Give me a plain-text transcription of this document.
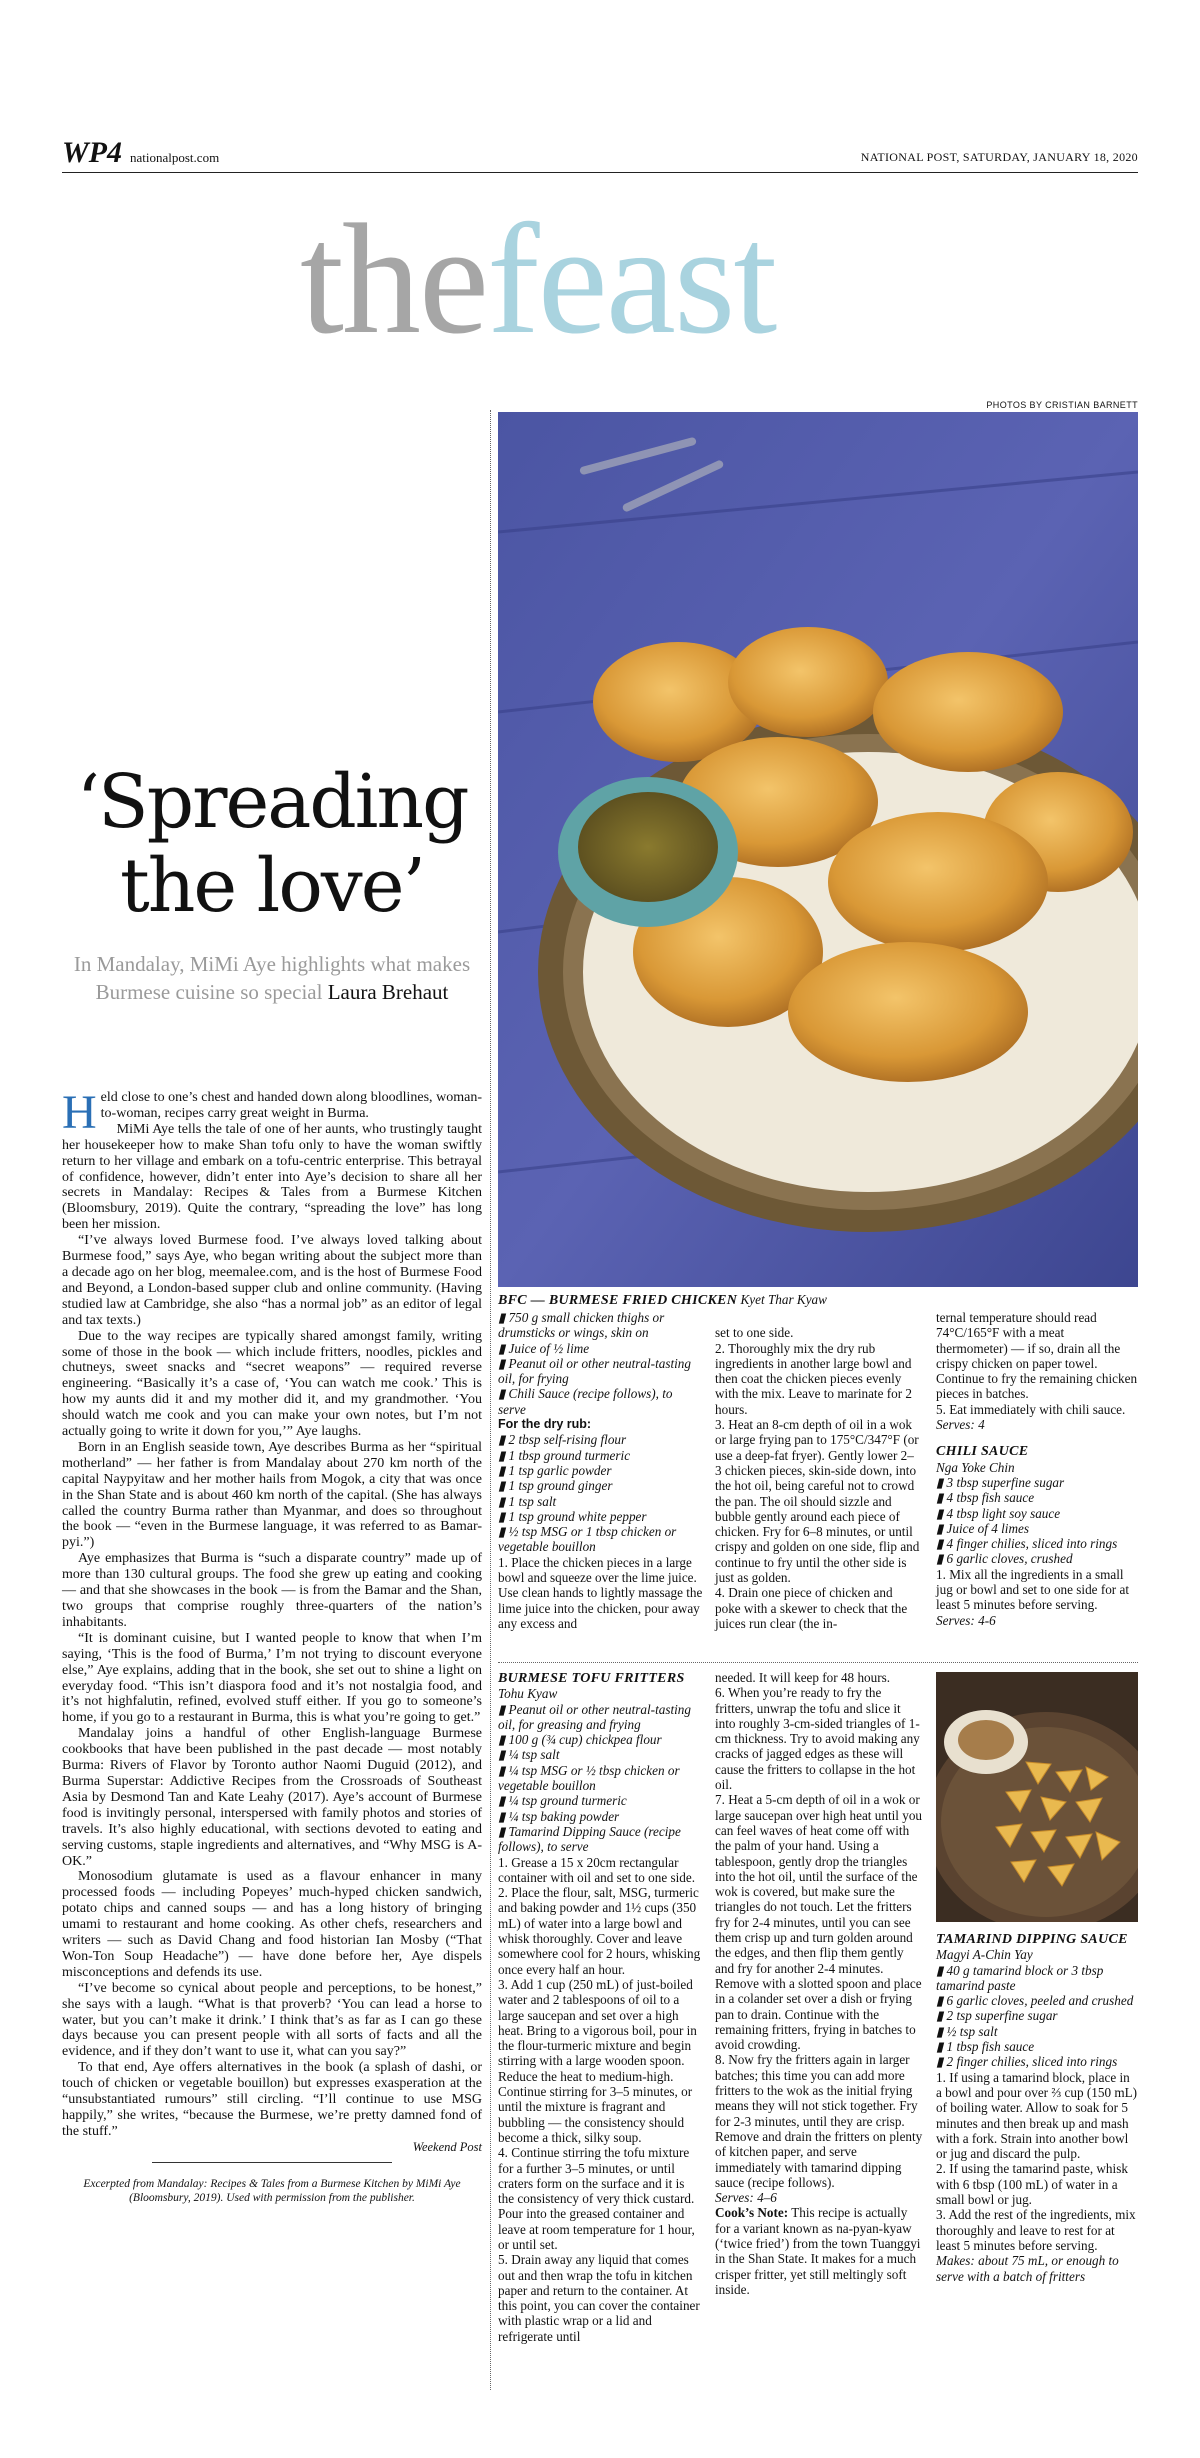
WP4 nationalpost.com	NATIONAL POST, SATURDAY, JANUARY 18, 2020
thefeast
PHOTOS BY CRISTIAN BARNETT
‘Spreading the love’
In Mandalay, MiMi Aye highlights what makes Burmese cuisine so special Laura Brehaut

Held close to one’s chest and handed down along bloodlines, woman-to-woman, recipes carry great weight in Burma.

MiMi Aye tells the tale of one of her aunts, who trustingly taught her housekeeper how to make Shan tofu only to have the woman swiftly return to her village and embark on a tofu-centric enterprise. This betrayal of confidence, however, didn’t enter into Aye’s decision to share all her secrets in Mandalay: Recipes & Tales from a Burmese Kitchen (Bloomsbury, 2019). Quite the contrary, “spreading the love” has long been her mission.

“I’ve always loved Burmese food. I’ve always loved talking about Burmese food,” says Aye, who began writing about the subject more than a decade ago on her blog, meemalee.com, and is the host of Burmese Food and Beyond, a London-based supper club and online community. (Having studied law at Cambridge, she also “has a normal job” as an editor of legal and tax texts.)

Due to the way recipes are typically shared amongst family, writing some of those in the book — which include fritters, noodles, pickles and chutneys, sweet snacks and “secret weapons” — required reverse engineering. “Basically it’s a case of, ‘You can watch me cook.’ This is how my aunts did it and my mother did it, and my grandmother. ‘You should watch me cook and you can make your own notes, but I’m not actually going to write it down for you,’” Aye laughs.

Born in an English seaside town, Aye describes Burma as her “spiritual motherland” — her father is from Mandalay about 270 km north of the capital Naypyitaw and her mother hails from Mogok, a city that was once in the Shan State and is about 460 km north of the capital. (She has always called the country Burma rather than Myanmar, and does so throughout the book — “even in the Burmese language, it was referred to as Bamar-pyi.”)

Aye emphasizes that Burma is “such a disparate country” made up of more than 130 cultural groups. The food she grew up eating and cooking — and that she showcases in the book — is from the Bamar and the Shan, two groups that comprise roughly three-quarters of the nation’s inhabitants.

“It is dominant cuisine, but I wanted people to know that when I’m saying, ‘This is the food of Burma,’ I’m not trying to discount everyone else,” Aye explains, adding that in the book, she set out to shine a light on everyday food. “This isn’t diaspora food and it’s not nostalgia food, and it’s not highfalutin, refined, evolved stuff either. If you go to someone’s home, if you go to a restaurant in Burma, this is what you’re going to get.”

Mandalay joins a handful of other English-language Burmese cookbooks that have been published in the past decade — most notably Burma: Rivers of Flavor by Toronto author Naomi Duguid (2012), and Burma Superstar: Addictive Recipes from the Crossroads of Southeast Asia by Desmond Tan and Kate Leahy (2017). Aye’s account of Burmese food is invitingly personal, interspersed with family photos and stories of travels. It’s also highly educational, with sections devoted to eating and serving customs, staple ingredients and alternatives, and “Why MSG is A-OK.”

Monosodium glutamate is used as a flavour enhancer in many processed foods — including Popeyes’ much-hyped chicken sandwich, potato chips and canned soups — and has a long history of bringing umami to restaurant and home cooking. As other chefs, researchers and writers — such as David Chang and food historian Ian Mosby (“That Won-Ton Soup Headache”) — have done before her, Aye dispels misconceptions and defends its use.

“I’ve become so cynical about people and perceptions, to be honest,” she says with a laugh. “What is that proverb? ‘You can lead a horse to water, but you can’t make it drink.’ I think that’s as far as I can go these days because you can present people with all sorts of facts and all the evidence, and if they don’t want to use it, what can you say?”

To that end, Aye offers alternatives in the book (a splash of dashi, or touch of chicken or vegetable bouillon) but expresses exasperation at the “unsubstantiated rumours” still circling. “I’ll continue to use MSG happily,” she writes, “because the Burmese, we’re pretty damned fond of the stuff.”

Weekend Post
Excerpted from Mandalay: Recipes & Tales from a Burmese Kitchen by MiMi Aye (Bloomsbury, 2019). Used with permission from the publisher.
BFC — BURMESE FRIED CHICKEN Kyet Thar Kyaw
▮ 750 g small chicken thighs or drumsticks or wings, skin on
▮ Juice of ½ lime
▮ Peanut oil or other neutral-tasting oil, for frying
▮ Chili Sauce (recipe follows), to serve
For the dry rub:
▮ 2 tbsp self-rising flour
▮ 1 tbsp ground turmeric
▮ 1 tsp garlic powder
▮ 1 tsp ground ginger
▮ 1 tsp salt
▮ 1 tsp ground white pepper
▮ ½ tsp MSG or 1 tbsp chicken or vegetable bouillon

1. Place the chicken pieces in a large bowl and squeeze over the lime juice. Use clean hands to lightly massage the lime juice into the chicken, pour away any excess and

set to one side.
2. Thoroughly mix the dry rub ingredients in another large bowl and then coat the chicken pieces evenly with the mix. Leave to marinate for 2 hours.
3. Heat an 8-cm depth of oil in a wok or large frying pan to 175°C/347°F (or use a deep-fat fryer). Gently lower 2–3 chicken pieces, skin-side down, into the hot oil, being careful not to crowd the pan. The oil should sizzle and bubble gently around each piece of chicken. Fry for 6–8 minutes, or until crispy and golden on one side, flip and continue to fry until the other side is just as golden.
4. Drain one piece of chicken and poke with a skewer to check that the juices run clear (the in-

ternal temperature should read 74°C/165°F with a meat thermometer) — if so, drain all the crispy chicken on paper towel. Continue to fry the remaining chicken pieces in batches.
5. Eat immediately with chili sauce.

Serves: 4

CHILI SAUCE
Nga Yoke Chin
▮ 3 tbsp superfine sugar
▮ 4 tbsp fish sauce
▮ 4 tbsp light soy sauce
▮ Juice of 4 limes
▮ 4 finger chilies, sliced into rings
▮ 6 garlic cloves, crushed

1. Mix all the ingredients in a small jug or bowl and set to one side for at least 5 minutes before serving.

Serves: 4-6

BURMESE TOFU FRITTERS Tohu Kyaw
▮ Peanut oil or other neutral-tasting oil, for greasing and frying
▮ 100 g (¾ cup) chickpea flour
▮ ¼ tsp salt
▮ ¼ tsp MSG or ½ tbsp chicken or vegetable bouillon
▮ ¼ tsp ground turmeric
▮ ¼ tsp baking powder
▮ Tamarind Dipping Sauce (recipe follows), to serve

1. Grease a 15 x 20cm rectangular container with oil and set to one side.
2. Place the flour, salt, MSG, turmeric and baking powder and 1½ cups (350 mL) of water into a large bowl and whisk thoroughly. Cover and leave somewhere cool for 2 hours, whisking once every half an hour.
3. Add 1 cup (250 mL) of just-boiled water and 2 tablespoons of oil to a large saucepan and set over a high heat. Bring to a vigorous boil, pour in the flour-turmeric mixture and begin stirring with a large wooden spoon. Reduce the heat to medium-high. Continue stirring for 3–5 minutes, or until the mixture is fragrant and bubbling — the consistency should become a thick, silky soup.
4. Continue stirring the tofu mixture for a further 3–5 minutes, or until craters form on the surface and it is the consistency of very thick custard. Pour into the greased container and leave at room temperature for 1 hour, or until set.
5. Drain away any liquid that comes out and then wrap the tofu in kitchen paper and return to the container. At this point, you can cover the container with plastic wrap or a lid and refrigerate until

needed. It will keep for 48 hours.
6. When you’re ready to fry the fritters, unwrap the tofu and slice it into roughly 3-cm-sided triangles of 1-cm thickness. Try to avoid making any cracks of jagged edges as these will cause the fritters to collapse in the hot oil.
7. Heat a 5-cm depth of oil in a wok or large saucepan over high heat until you can feel waves of heat come off with the palm of your hand. Using a tablespoon, gently drop the triangles into the hot oil, until the surface of the wok is covered, but make sure the triangles do not touch. Let the fritters fry for 2-4 minutes, until you can see them crisp up and turn golden around the edges, and then flip them gently and fry for another 2-4 minutes. Remove with a slotted spoon and place in a colander set over a dish or frying pan to drain. Continue with the remaining fritters, frying in batches to avoid crowding.
8. Now fry the fritters again in larger batches; this time you can add more fritters to the wok as the initial frying means they will not stick together. Fry for 2-3 minutes, until they are crisp. Remove and drain the fritters on plenty of kitchen paper, and serve immediately with tamarind dipping sauce (recipe follows).

Serves: 4–6

Cook’s Note: This recipe is actually for a variant known as na-pyan-kyaw (‘twice fried’) from the town Tuanggyi in the Shan State. It makes for a much crisper fritter, yet still meltingly soft inside.

TAMARIND DIPPING SAUCE
Magyi A-Chin Yay
▮ 40 g tamarind block or 3 tbsp tamarind paste
▮ 6 garlic cloves, peeled and crushed
▮ 2 tsp superfine sugar
▮ ½ tsp salt
▮ 1 tbsp fish sauce
▮ 2 finger chilies, sliced into rings

1. If using a tamarind block, place in a bowl and pour over ⅔ cup (150 mL) of boiling water. Allow to soak for 5 minutes and then break up and mash with a fork. Strain into another bowl or jug and discard the pulp.
2. If using the tamarind paste, whisk with 6 tbsp (100 mL) of water in a small bowl or jug.
3. Add the rest of the ingredients, mix thoroughly and leave to rest for at least 5 minutes before serving.

Makes: about 75 mL, or enough to serve with a batch of fritters
